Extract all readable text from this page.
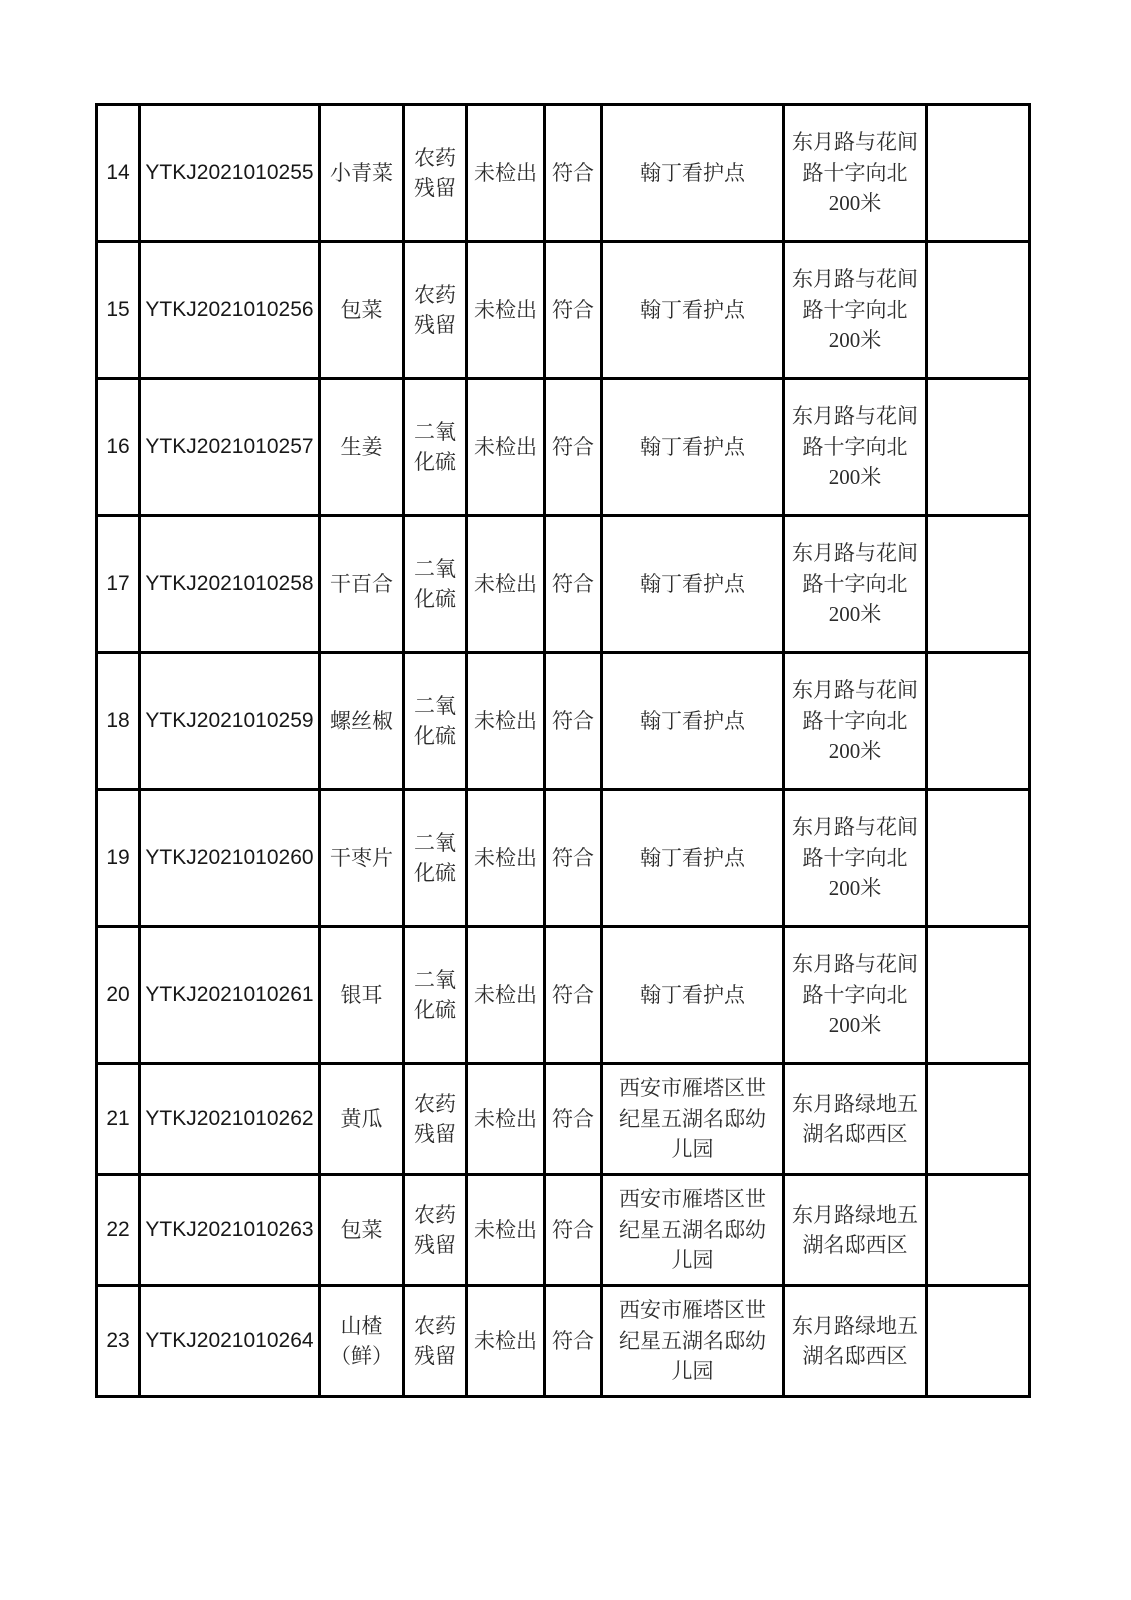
14	YTKJ2021010255	小青菜	农药残留	未检出	符合	翰丁看护点	东月路与花间路十字向北200米	
15	YTKJ2021010256	包菜	农药残留	未检出	符合	翰丁看护点	东月路与花间路十字向北200米	
16	YTKJ2021010257	生姜	二氧化硫	未检出	符合	翰丁看护点	东月路与花间路十字向北200米	
17	YTKJ2021010258	干百合	二氧化硫	未检出	符合	翰丁看护点	东月路与花间路十字向北200米	
18	YTKJ2021010259	螺丝椒	二氧化硫	未检出	符合	翰丁看护点	东月路与花间路十字向北200米	
19	YTKJ2021010260	干枣片	二氧化硫	未检出	符合	翰丁看护点	东月路与花间路十字向北200米	
20	YTKJ2021010261	银耳	二氧化硫	未检出	符合	翰丁看护点	东月路与花间路十字向北200米	
21	YTKJ2021010262	黄瓜	农药残留	未检出	符合	西安市雁塔区世纪星五湖名邸幼儿园	东月路绿地五湖名邸西区	
22	YTKJ2021010263	包菜	农药残留	未检出	符合	西安市雁塔区世纪星五湖名邸幼儿园	东月路绿地五湖名邸西区	
23	YTKJ2021010264	山楂（鲜）	农药残留	未检出	符合	西安市雁塔区世纪星五湖名邸幼儿园	东月路绿地五湖名邸西区	
